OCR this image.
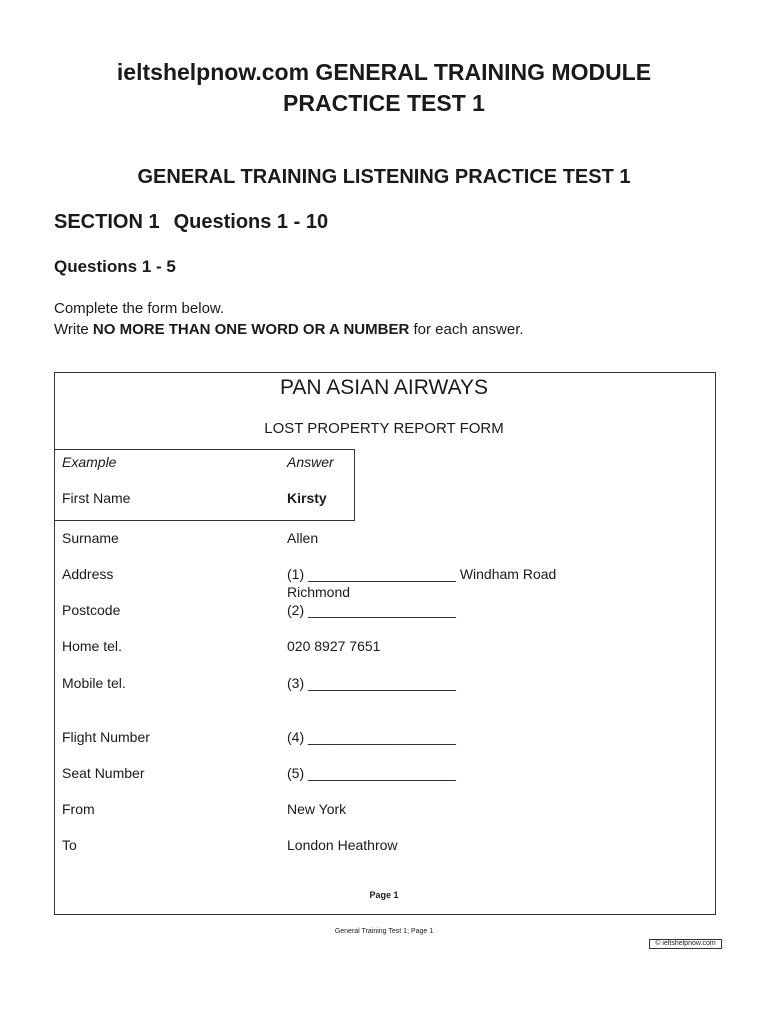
ieltshelpnow.com GENERAL TRAINING MODULE
PRACTICE TEST 1
GENERAL TRAINING LISTENING PRACTICE TEST 1
SECTION 1 Questions 1 - 10
Questions 1 - 5
Complete the form below.
Write NO MORE THAN ONE WORD OR A NUMBER for each answer.
PAN ASIAN AIRWAYS
LOST PROPERTY REPORT FORM
Example	Answer
First Name	Kirsty
Surname	Allen
Address	(1) ___________________ Windham Road
Richmond
Postcode	(2) ___________________
Home tel.	020 8927 7651
Mobile tel.	(3) ___________________
Flight Number	(4) ___________________
Seat Number	(5) ___________________
From	New York
To	London Heathrow
Page 1
General Training Test 1; Page 1
© ieltshelpnow.com
